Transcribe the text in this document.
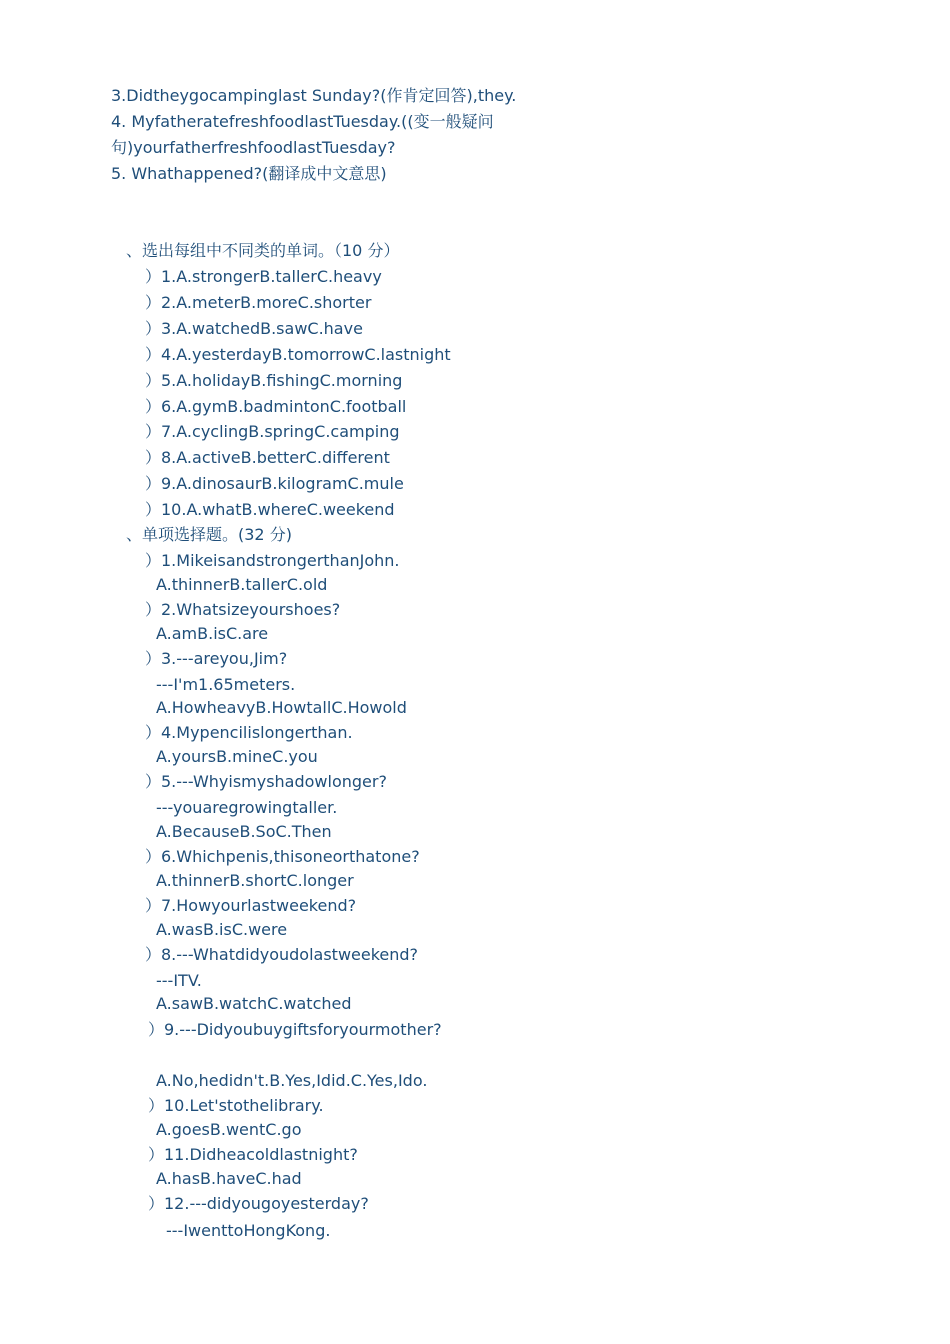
3.Didtheygocampinglast Sunday?(作肯定回答),they.
4. MyfatheratefreshfoodlastTuesday.((变一般疑问
句)yourfatherfreshfoodlastTuesday?
5. Whathappened?(翻译成中文意思)
、选出每组中不同类的单词。（10 分）
）1.A.strongerB.tallerC.heavy
）2.A.meterB.moreC.shorter
）3.A.watchedB.sawC.have
）4.A.yesterdayB.tomorrowC.lastnight
）5.A.holidayB.fishingC.morning
）6.A.gymB.badmintonC.football
）7.A.cyclingB.springC.camping
）8.A.activeB.betterC.different
）9.A.dinosaurB.kilogramC.mule
）10.A.whatB.whereC.weekend
、单项选择题。(32 分)
）1.MikeisandstrongerthanJohn.
A.thinnerB.tallerC.old
）2.Whatsizeyourshoes?
A.amB.isC.are
）3.---areyou,Jim?
---I'm1.65meters.
A.HowheavyB.HowtallC.Howold
）4.Mypencilislongerthan.
A.yoursB.mineC.you
）5.---Whyismyshadowlonger?
---youaregrowingtaller.
A.BecauseB.SoC.Then
）6.Whichpenis,thisoneorthatone?
A.thinnerB.shortC.longer
）7.Howyourlastweekend?
A.wasB.isC.were
）8.---Whatdidyoudolastweekend?
---ITV.
A.sawB.watchC.watched
）9.---Didyoubuygiftsforyourmother?
A.No,hedidn't.B.Yes,Idid.C.Yes,Ido.
）10.Let'stothelibrary.
A.goesB.wentC.go
）11.Didheacoldlastnight?
A.hasB.haveC.had
）12.---didyougoyesterday?
---IwenttoHongKong.
